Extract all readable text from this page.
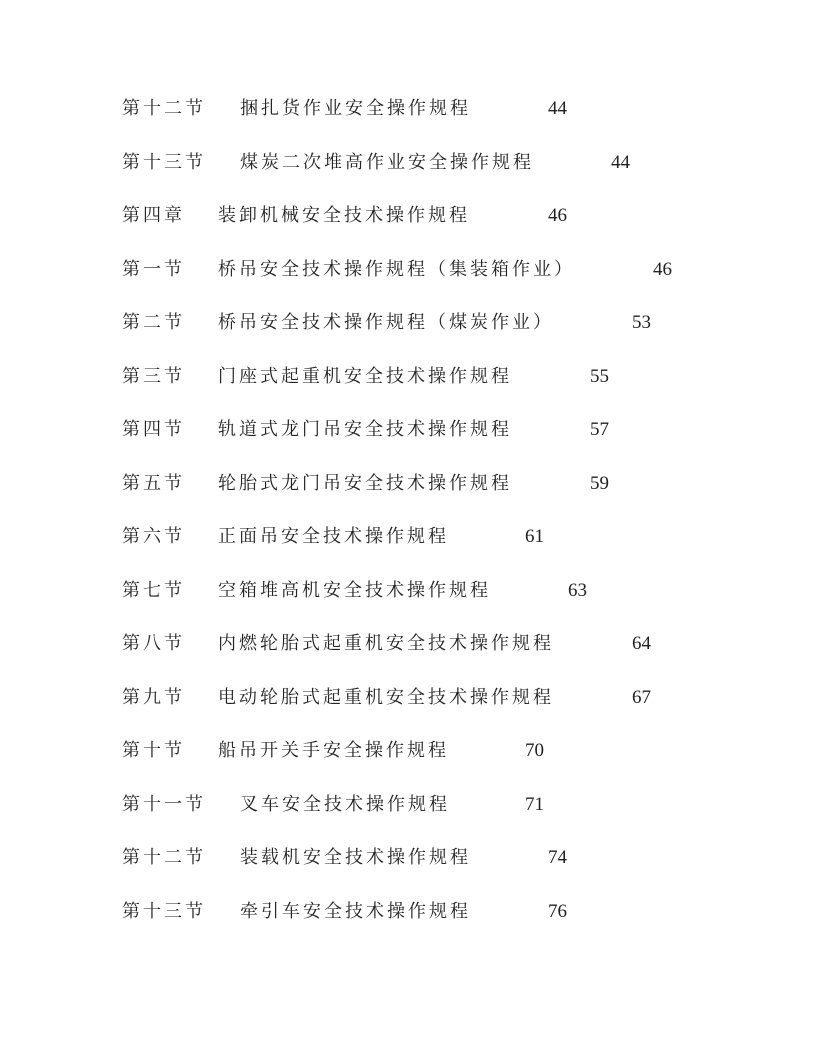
第十二节 捆扎货作业安全操作规程	44
第十三节 煤炭二次堆高作业安全操作规程	44
第四章 装卸机械安全技术操作规程	46
第一节 桥吊安全技术操作规程（集装箱作业）	46
第二节 桥吊安全技术操作规程（煤炭作业）	53
第三节 门座式起重机安全技术操作规程	55
第四节 轨道式龙门吊安全技术操作规程	57
第五节 轮胎式龙门吊安全技术操作规程	59
第六节 正面吊安全技术操作规程	61
第七节 空箱堆高机安全技术操作规程	63
第八节 内燃轮胎式起重机安全技术操作规程	64
第九节 电动轮胎式起重机安全技术操作规程	67
第十节 船吊开关手安全操作规程	70
第十一节 叉车安全技术操作规程	71
第十二节 装载机安全技术操作规程	74
第十三节 牵引车安全技术操作规程	76
